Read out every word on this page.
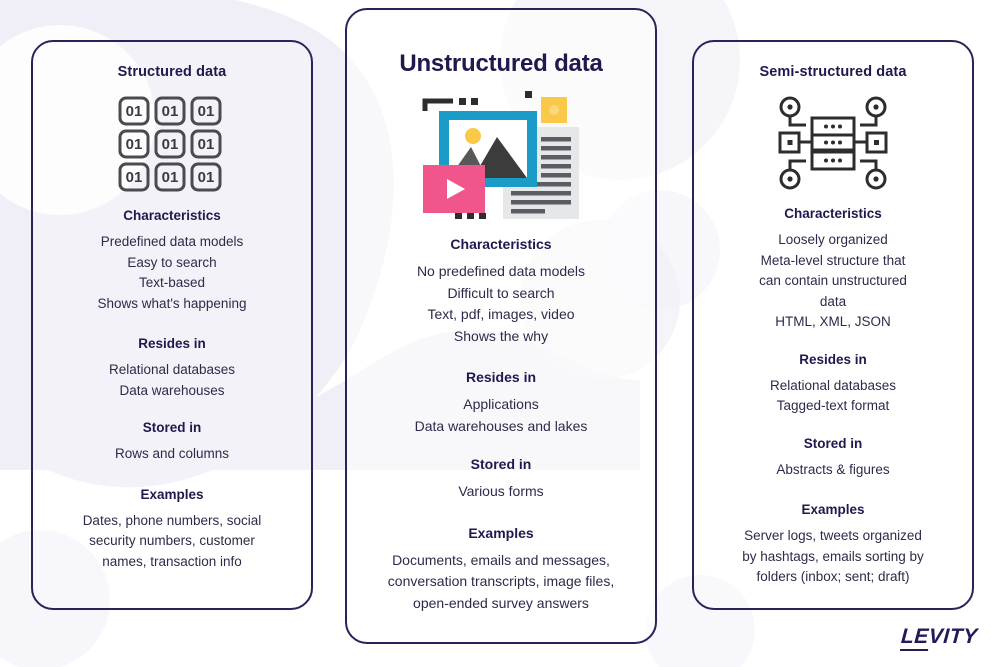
Structured data
01 01 01
01 01 01
01 01 01
Characteristics
Predefined data models
Easy to search
Text-based
Shows what's happening
Resides in
Relational databases
Data warehouses
Stored in
Rows and columns
Examples
Dates, phone numbers, social
security numbers, customer
names, transaction info
Unstructured data
Characteristics
No predefined data models
Difficult to search
Text, pdf, images, video
Shows the why
Resides in
Applications
Data warehouses and lakes
Stored in
Various forms
Examples
Documents, emails and messages,
conversation transcripts, image files,
open-ended survey answers
Semi-structured data
Characteristics
Loosely organized
Meta-level structure that
can contain unstructured
data
HTML, XML, JSON
Resides in
Relational databases
Tagged-text format
Stored in
Abstracts & figures
Examples
Server logs, tweets organized
by hashtags, emails sorting by
folders (inbox; sent; draft)
LEVITY
